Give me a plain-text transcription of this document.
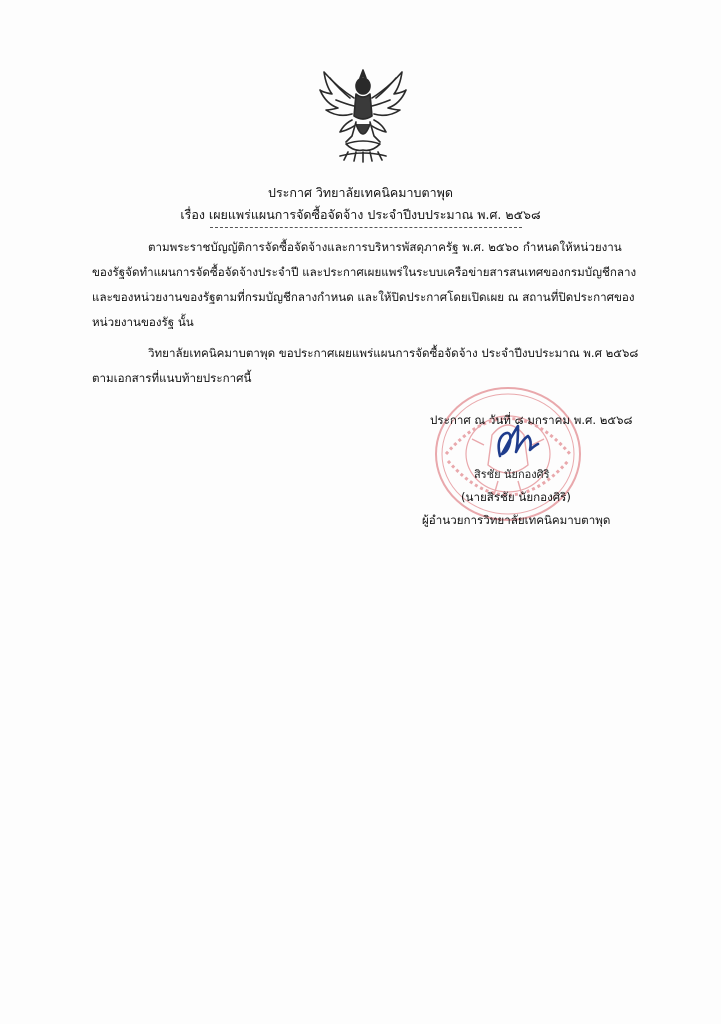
ประกาศ วิทยาลัยเทคนิคมาบตาพุด
เรื่อง เผยแพร่แผนการจัดซื้อจัดจ้าง ประจำปีงบประมาณ พ.ศ. ๒๕๖๘
ตามพระราชบัญญัติการจัดซื้อจัดจ้างและการบริหารพัสดุภาครัฐ พ.ศ. ๒๕๖๐ กำหนดให้หน่วยงานของรัฐจัดทำแผนการจัดซื้อจัดจ้างประจำปี และประกาศเผยแพร่ในระบบเครือข่ายสารสนเทศของกรมบัญชีกลางและของหน่วยงานของรัฐตามที่กรมบัญชีกลางกำหนด และให้ปิดประกาศโดยเปิดเผย ณ สถานที่ปิดประกาศของหน่วยงานของรัฐ นั้น
วิทยาลัยเทคนิคมาบตาพุด ขอประกาศเผยแพร่แผนการจัดซื้อจัดจ้าง ประจำปีงบประมาณ พ.ศ ๒๕๖๘ ตามเอกสารที่แนบท้ายประกาศนี้
ประกาศ ณ วันที่ ๘ มกราคม พ.ศ. ๒๕๖๘
สิรชัย นัยกองศิริ
(นายสิรชัย นัยกองศิริ)
ผู้อำนวยการวิทยาลัยเทคนิคมาบตาพุด
